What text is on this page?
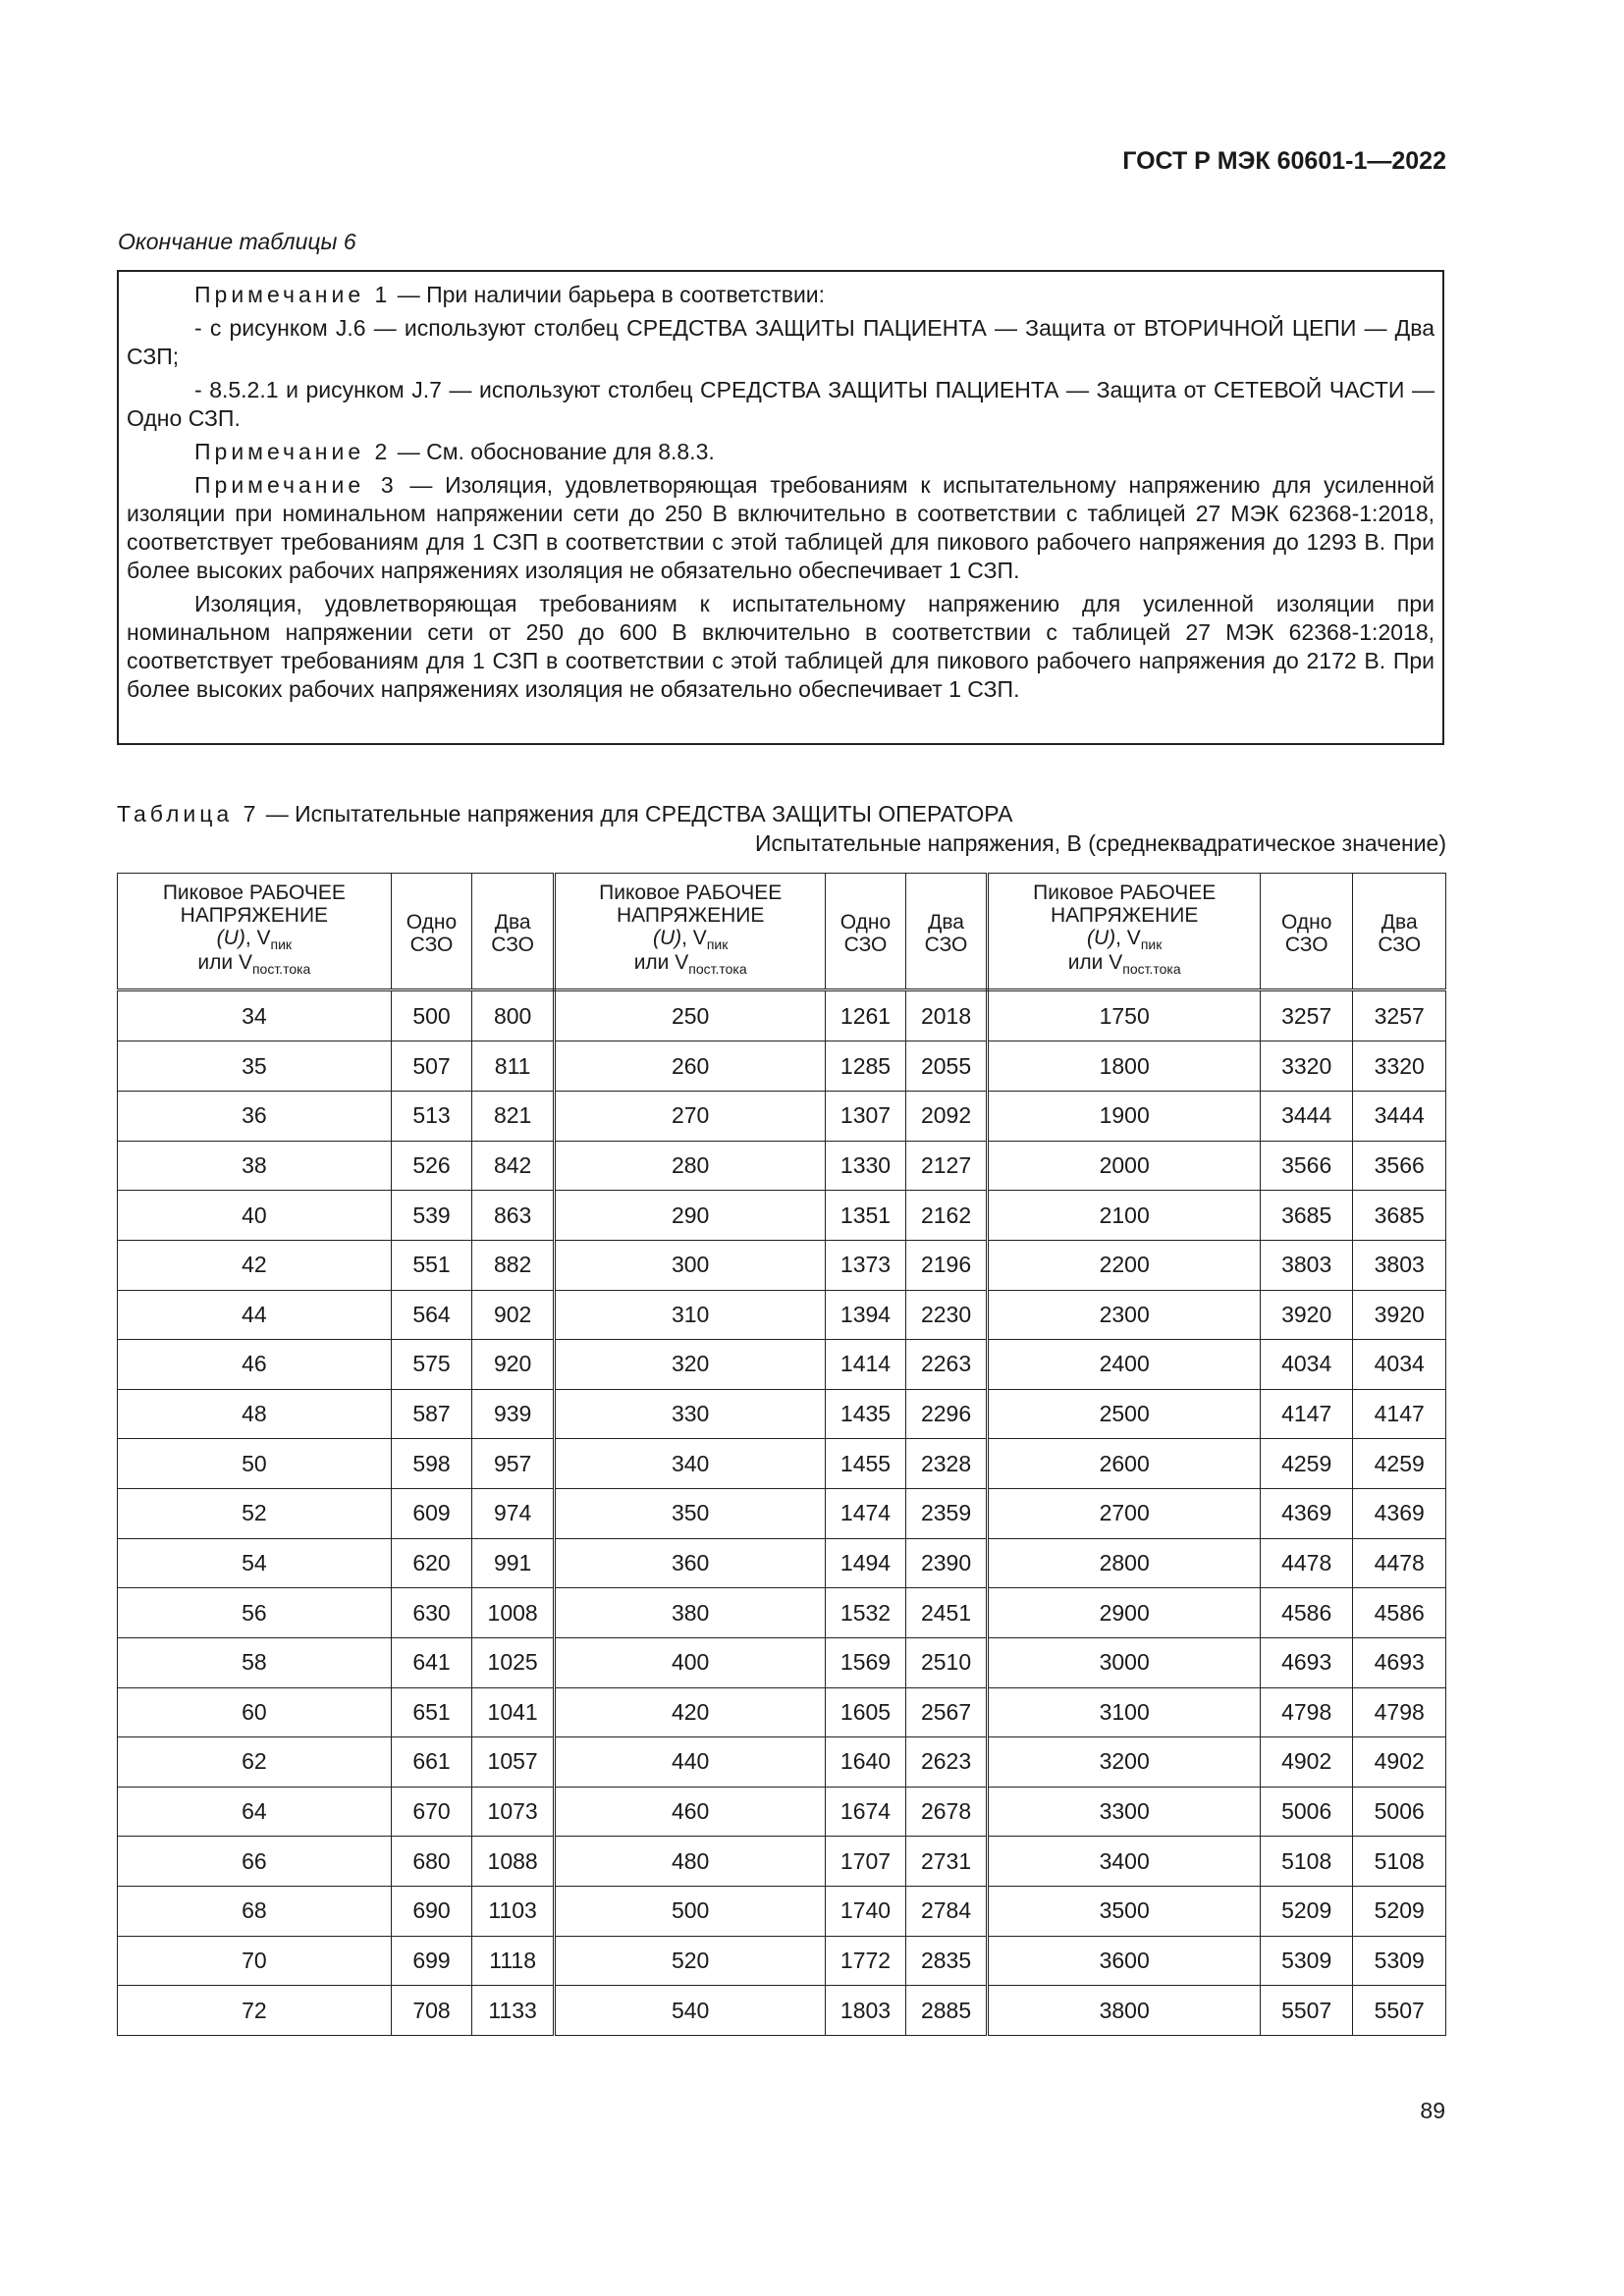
ГОСТ Р МЭК 60601-1—2022
Окончание таблицы 6

Примечание 1 — При наличии барьера в соответствии:

- с рисунком J.6 — используют столбец СРЕДСТВА ЗАЩИТЫ ПАЦИЕНТА — Защита от ВТОРИЧНОЙ ЦЕПИ — Два СЗП;

- 8.5.2.1 и рисунком J.7 — используют столбец СРЕДСТВА ЗАЩИТЫ ПАЦИЕНТА — Защита от СЕТЕВОЙ ЧАСТИ — Одно СЗП.

Примечание 2 — См. обоснование для 8.8.3.

Примечание 3 — Изоляция, удовлетворяющая требованиям к испытательному напряжению для усиленной изоляции при номинальном напряжении сети до 250 В включительно в соответствии с таблицей 27 МЭК 62368-1:2018, соответствует требованиям для 1 СЗП в соответствии с этой таблицей для пикового рабочего напряжения до 1293 В. При более высоких рабочих напряжениях изоляция не обязательно обеспечивает 1 СЗП.

Изоляция, удовлетворяющая требованиям к испытательному напряжению для усиленной изоляции при номинальном напряжении сети от 250 до 600 В включительно в соответствии с таблицей 27 МЭК 62368-1:2018, соответствует требованиям для 1 СЗП в соответствии с этой таблицей для пикового рабочего напряжения до 2172 В. При более высоких рабочих напряжениях изоляция не обязательно обеспечивает 1 СЗП.

Таблица 7 — Испытательные напряжения для СРЕДСТВА ЗАЩИТЫ ОПЕРАТОРА
Испытательные напряжения, В (среднеквадратическое значение)
Пиковое РАБОЧЕЕ
НАПРЯЖЕНИЕ
(U), $V_{пик}$
или $V_{пост.тока}$	Одно
СЗО	Два
СЗО	Пиковое РАБОЧЕЕ
НАПРЯЖЕНИЕ
(U), $V_{пик}$
или $V_{пост.тока}$	Одно
СЗО	Два
СЗО	Пиковое РАБОЧЕЕ
НАПРЯЖЕНИЕ
(U), $V_{пик}$
или $V_{пост.тока}$	Одно
СЗО	Два
СЗО
34	500	800	250	1261	2018	1750	3257	3257
35	507	811	260	1285	2055	1800	3320	3320
36	513	821	270	1307	2092	1900	3444	3444
38	526	842	280	1330	2127	2000	3566	3566
40	539	863	290	1351	2162	2100	3685	3685
42	551	882	300	1373	2196	2200	3803	3803
44	564	902	310	1394	2230	2300	3920	3920
46	575	920	320	1414	2263	2400	4034	4034
48	587	939	330	1435	2296	2500	4147	4147
50	598	957	340	1455	2328	2600	4259	4259
52	609	974	350	1474	2359	2700	4369	4369
54	620	991	360	1494	2390	2800	4478	4478
56	630	1008	380	1532	2451	2900	4586	4586
58	641	1025	400	1569	2510	3000	4693	4693
60	651	1041	420	1605	2567	3100	4798	4798
62	661	1057	440	1640	2623	3200	4902	4902
64	670	1073	460	1674	2678	3300	5006	5006
66	680	1088	480	1707	2731	3400	5108	5108
68	690	1103	500	1740	2784	3500	5209	5209
70	699	1118	520	1772	2835	3600	5309	5309
72	708	1133	540	1803	2885	3800	5507	5507
89
